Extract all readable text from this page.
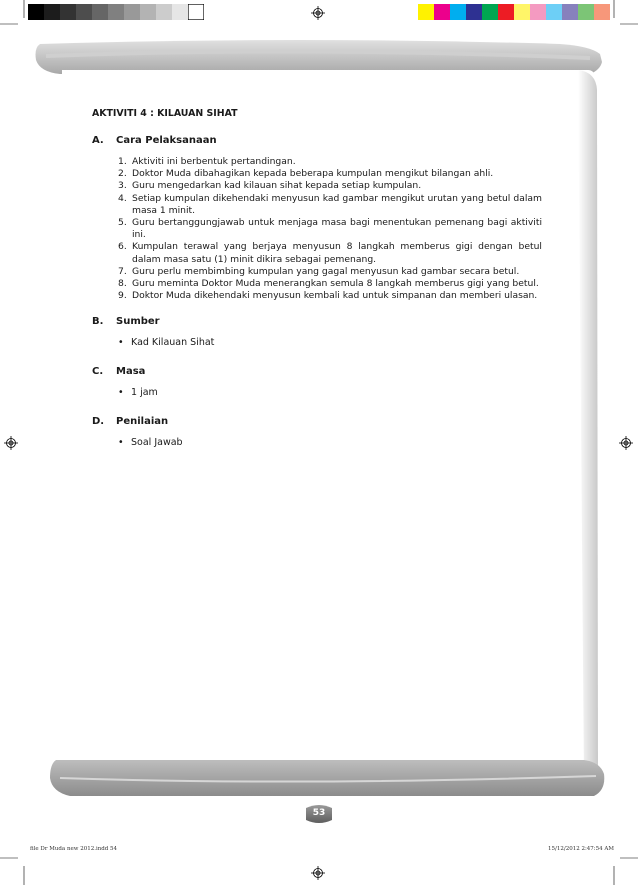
AKTIVITI 4 : KILAUAN SIHAT
A.	Cara Pelaksanaan
1. Aktiviti ini berbentuk pertandingan.
2. Doktor Muda dibahagikan kepada beberapa kumpulan mengikut bilangan ahli.
3. Guru mengedarkan kad kilauan sihat kepada setiap kumpulan.
4. Setiap kumpulan dikehendaki menyusun kad gambar mengikut urutan yang betul dalam masa 1 minit.
5. Guru bertanggungjawab untuk menjaga masa bagi menentukan pemenang bagi aktiviti ini.
6. Kumpulan terawal yang berjaya menyusun 8 langkah memberus gigi dengan betul dalam masa satu (1) minit dikira sebagai pemenang.
7. Guru perlu membimbing kumpulan yang gagal menyusun kad gambar secara betul.
8. Guru meminta Doktor Muda menerangkan semula 8 langkah memberus gigi yang betul.
9. Doktor Muda dikehendaki menyusun kembali kad untuk simpanan dan memberi ulasan.
B.	Sumber
• Kad Kilauan Sihat
C.	Masa
• 1 jam
D.	Penilaian
• Soal Jawab
53
file Dr Muda new 2012.indd 54	15/12/2012 2:47:54 AM
